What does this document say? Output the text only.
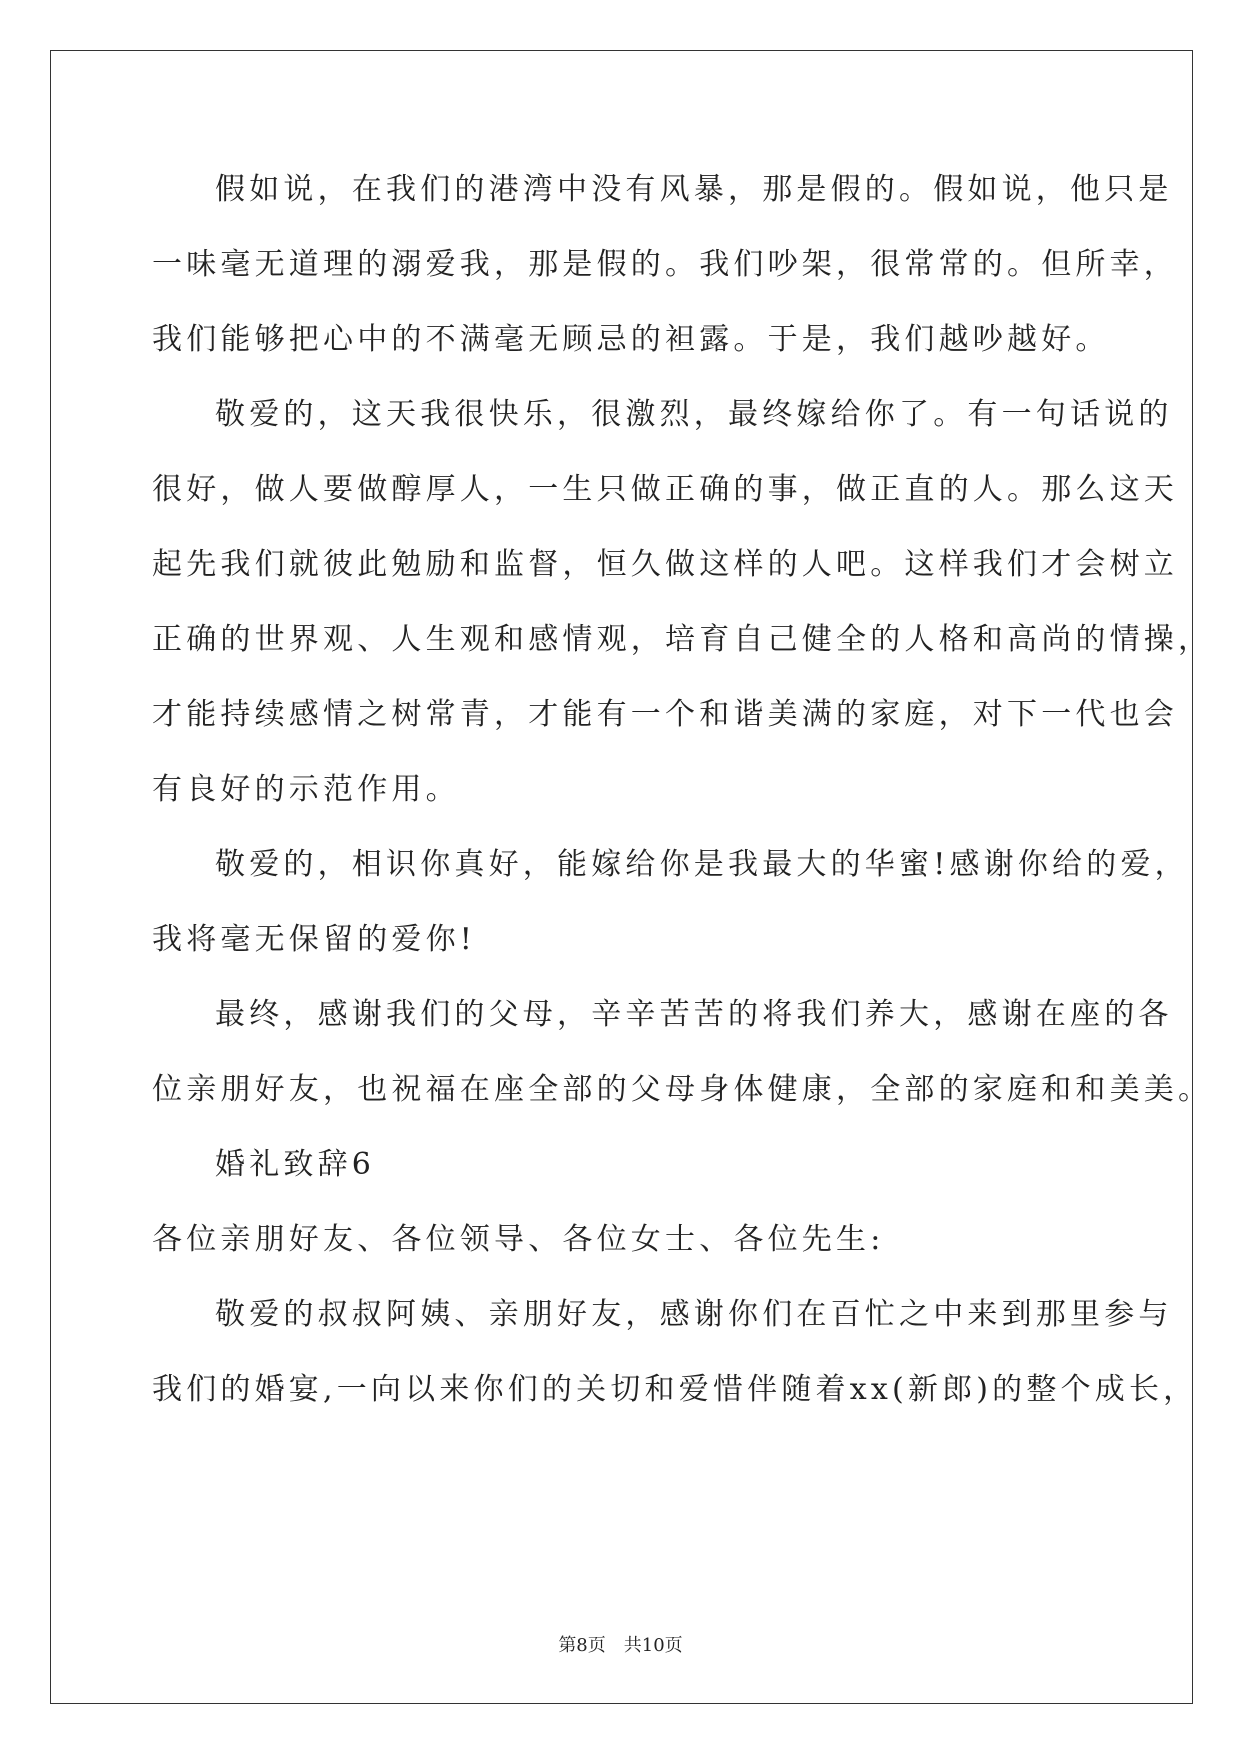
假如说，在我们的港湾中没有风暴，那是假的。假如说，他只是
一味毫无道理的溺爱我，那是假的。我们吵架，很常常的。但所幸，
我们能够把心中的不满毫无顾忌的袒露。于是，我们越吵越好。
敬爱的，这天我很快乐，很激烈，最终嫁给你了。有一句话说的
很好，做人要做醇厚人，一生只做正确的事，做正直的人。那么这天
起先我们就彼此勉励和监督，恒久做这样的人吧。这样我们才会树立
正确的世界观、人生观和感情观，培育自己健全的人格和高尚的情操，
才能持续感情之树常青，才能有一个和谐美满的家庭，对下一代也会
有良好的示范作用。
敬爱的，相识你真好，能嫁给你是我最大的华蜜!感谢你给的爱，
我将毫无保留的爱你!
最终，感谢我们的父母，辛辛苦苦的将我们养大，感谢在座的各
位亲朋好友，也祝福在座全部的父母身体健康，全部的家庭和和美美。
婚礼致辞6
各位亲朋好友、各位领导、各位女士、各位先生:
敬爱的叔叔阿姨、亲朋好友，感谢你们在百忙之中来到那里参与
我们的婚宴,一向以来你们的关切和爱惜伴随着xx(新郎)的整个成长，
第8页 共10页
